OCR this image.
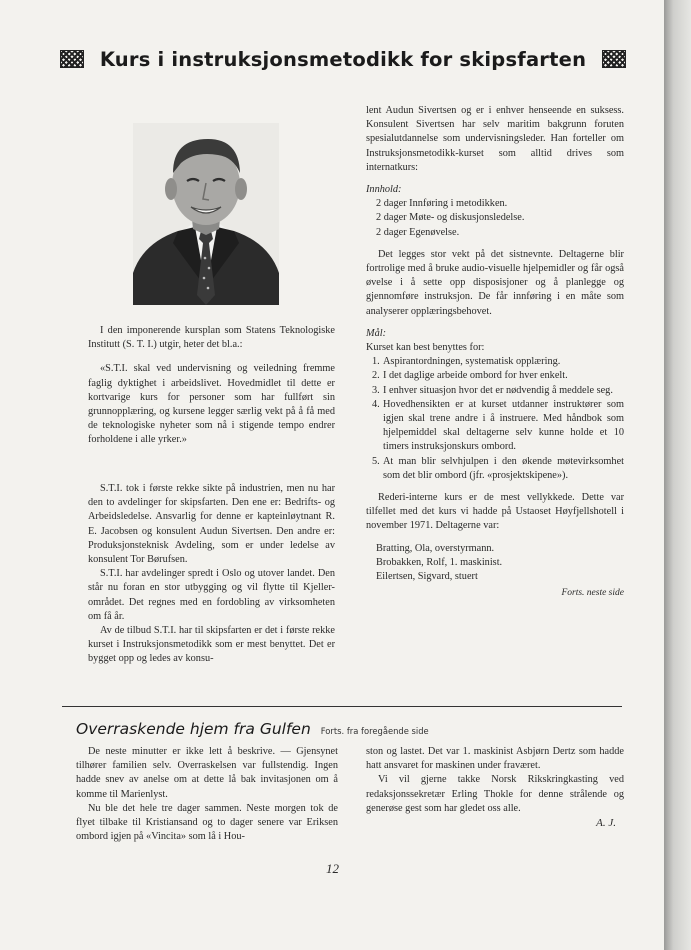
Kurs i instruksjonsmetodikk for skipsfarten

I den imponerende kursplan som Statens Teknologiske Institutt (S. T. I.) utgir, heter det bl.a.:

«S.T.I. skal ved undervisning og veiledning fremme faglig dyktighet i arbeidslivet. Hovedmidlet til dette er kortvarige kurs for personer som har fullført sin grunnopplæring, og kursene legger særlig vekt på å få med de teknologiske nyheter som nå i stigende tempo endrer forholdene i alle yrker.»

S.T.I. tok i første rekke sikte på industrien, men nu har den to avdelinger for skipsfarten. Den ene er: Bedrifts- og Arbeidsledelse. Ansvarlig for denne er kapteinløytnant R. E. Jacobsen og konsulent Audun Sivertsen. Den andre er: Produksjonsteknisk Avdeling, som er under ledelse av konsulent Tor Børufsen.

S.T.I. har avdelinger spredt i Oslo og utover landet. Den står nu foran en stor utbygging og vil flytte til Kjeller-området. Det regnes med en fordobling av virksomheten om få år.

Av de tilbud S.T.I. har til skipsfarten er det i første rekke kurset i Instruksjonsmetodikk som er mest benyttet. Det er bygget opp og ledes av konsu-

lent Audun Sivertsen og er i enhver henseende en suksess. Konsulent Sivertsen har selv maritim bakgrunn foruten spesialutdannelse som undervisningsleder. Han forteller om Instruksjonsmetodikk-kurset som alltid drives som internatkurs:

Innhold:

2 dager Innføring i metodikken.

2 dager Møte- og diskusjonsledelse.

2 dager Egenøvelse.

Det legges stor vekt på det sistnevnte. Deltagerne blir fortrolige med å bruke audio-visuelle hjelpemidler og får også øvelse i å sette opp disposisjoner og å planlegge og gjennomføre instruksjon. De får innføring i en måte som analyserer opplæringsbehovet.

Mål:

Kurset kan best benyttes for:

1. Aspirantordningen, systematisk opplæring.
2. I det daglige arbeide ombord for hver enkelt.
3. I enhver situasjon hvor det er nødvendig å meddele seg.
4. Hovedhensikten er at kurset utdanner instruktører som igjen skal trene andre i å instruere. Med håndbok som hjelpemiddel skal deltagerne selv kunne holde et 10 timers instruksjonskurs ombord.
5. At man blir selvhjulpen i den økende møtevirksomhet som det blir ombord (jfr. «prosjektskipene»).

Rederi-interne kurs er de mest vellykkede. Dette var tilfellet med det kurs vi hadde på Ustaoset Høyfjellshotell i november 1971. Deltagerne var:

Bratting, Ola, overstyrmann.

Brobakken, Rolf, 1. maskinist.

Eilertsen, Sigvard, stuert

Forts. neste side

Overraskende hjem fra Gulfen Forts. fra foregående side

De neste minutter er ikke lett å beskrive. — Gjensynet tilhører familien selv. Overraskelsen var fullstendig. Ingen hadde snev av anelse om at dette lå bak invitasjonen om å komme til Marienlyst.

Nu ble det hele tre dager sammen. Neste morgen tok de flyet tilbake til Kristiansand og to dager senere var Eriksen ombord igjen på «Vincita» som lå i Hou-

ston og lastet. Det var 1. maskinist Asbjørn Dertz som hadde hatt ansvaret for maskinen under fraværet.

Vi vil gjerne takke Norsk Rikskringkasting ved redaksjonssekretær Erling Thokle for denne strålende og generøse gest som har gledet oss alle.

A. J.

12
